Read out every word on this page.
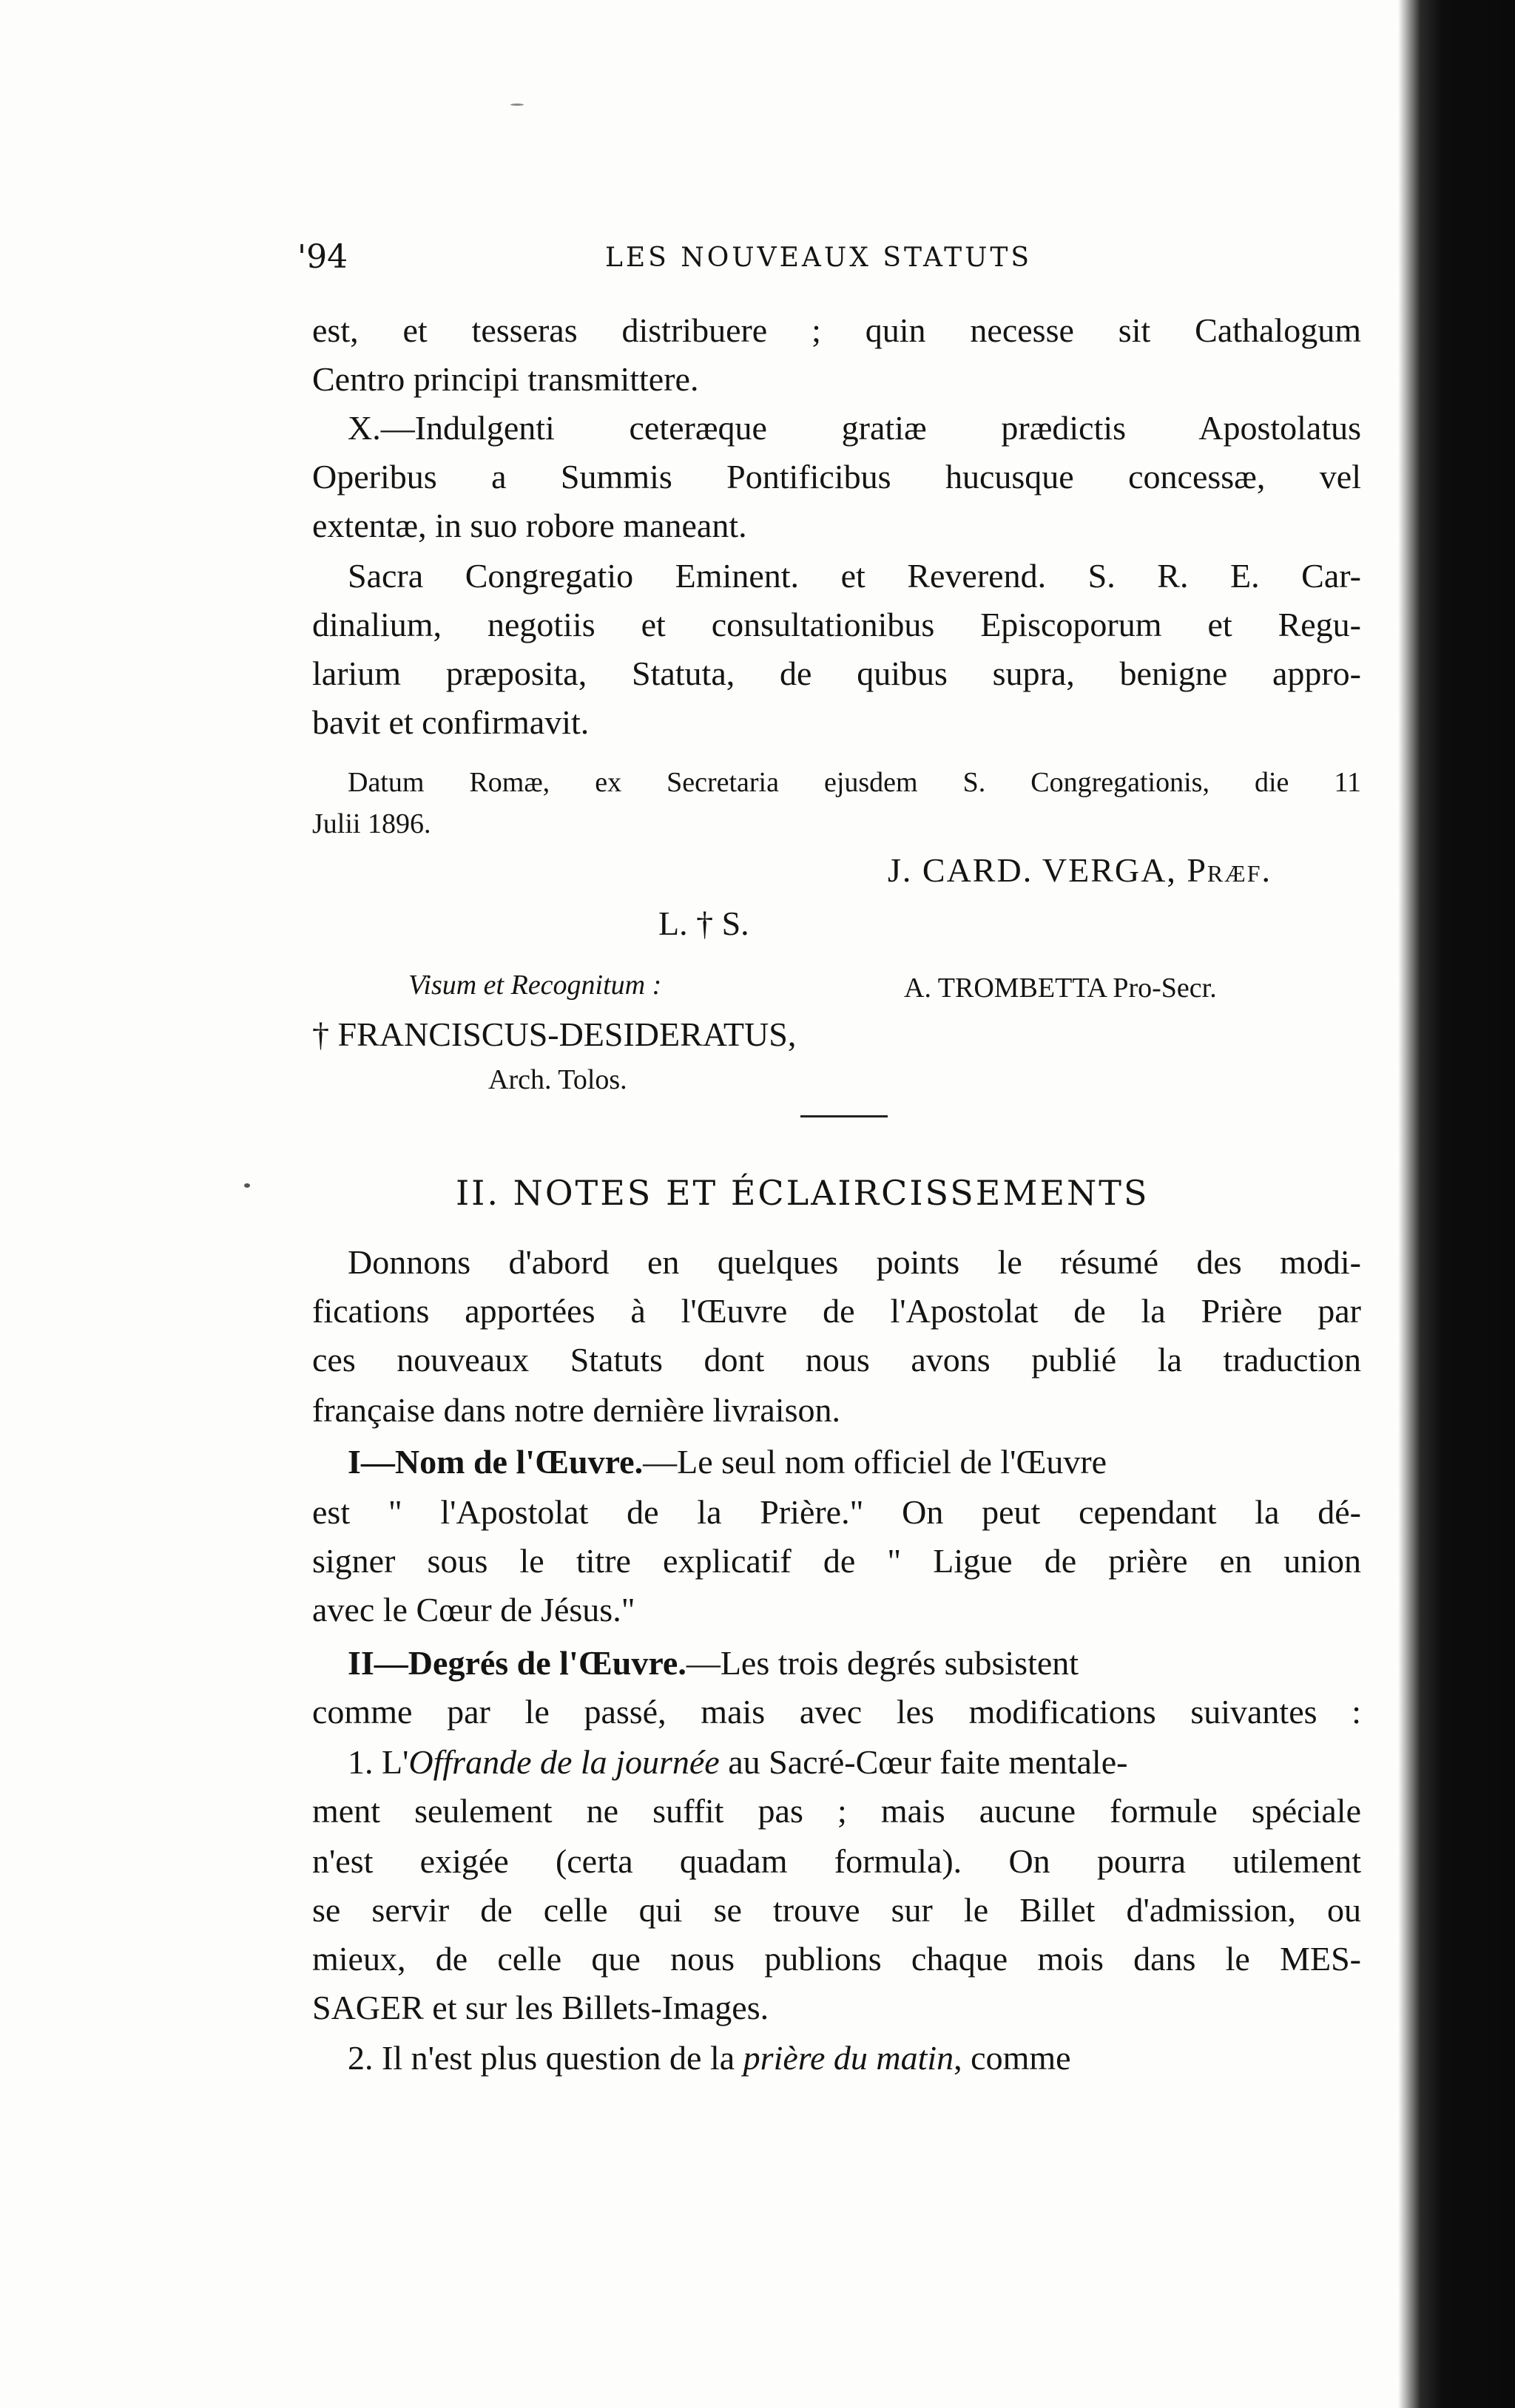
'94	LES NOUVEAUX STATUTS
est, et tesseras distribuere ; quin necesse sit Cathalogum
Centro principi transmittere.
X.—Indulgenti ceteræque gratiæ prædictis Apostolatus
Operibus a Summis Pontificibus hucusque concessæ, vel
extentæ, in suo robore maneant.
Sacra Congregatio Eminent. et Reverend. S. R. E. Car-
dinalium, negotiis et consultationibus Episcoporum et Regu-
larium præposita, Statuta, de quibus supra, benigne appro-
bavit et confirmavit.
Datum Romæ, ex Secretaria ejusdem S. Congregationis, die 11
Julii 1896.
J. CARD. VERGA, Præf.
L. † S.
Visum et Recognitum :	A. TROMBETTA Pro-Secr.
† FRANCISCUS-DESIDERATUS,
Arch. Tolos.
II. NOTES ET ÉCLAIRCISSEMENTS
Donnons d'abord en quelques points le résumé des modi-
fications apportées à l'Œuvre de l'Apostolat de la Prière par
ces nouveaux Statuts dont nous avons publié la traduction
française dans notre dernière livraison.
I—Nom de l'Œuvre.—Le seul nom officiel de l'Œuvre
est " l'Apostolat de la Prière." On peut cependant la dé-
signer sous le titre explicatif de " Ligue de prière en union
avec le Cœur de Jésus."
II—Degrés de l'Œuvre.—Les trois degrés subsistent
comme par le passé, mais avec les modifications suivantes :
1. L'Offrande de la journée au Sacré-Cœur faite mentale-
ment seulement ne suffit pas ; mais aucune formule spéciale
n'est exigée (certa quadam formula). On pourra utilement
se servir de celle qui se trouve sur le Billet d'admission, ou
mieux, de celle que nous publions chaque mois dans le MES-
SAGER et sur les Billets-Images.
2. Il n'est plus question de la prière du matin, comme
